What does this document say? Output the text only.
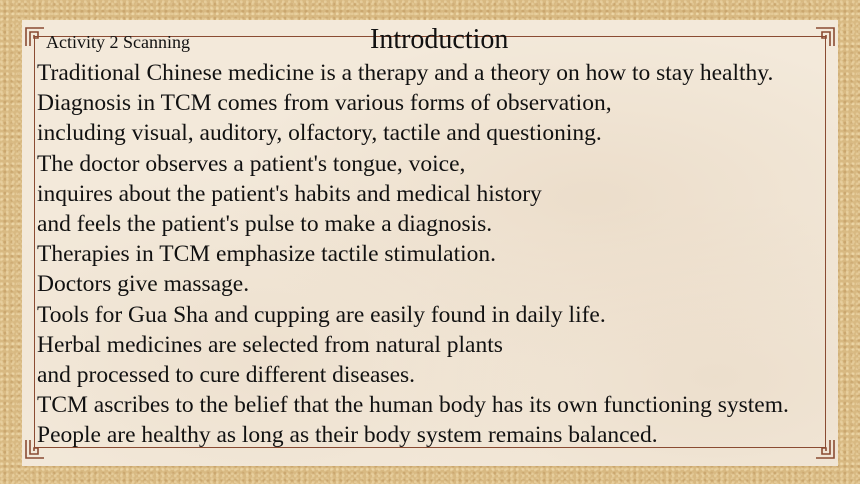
Activity 2 Scanning	Introduction
Traditional Chinese medicine is a therapy and a theory on how to stay healthy.
Diagnosis in TCM comes from various forms of observation,
including visual, auditory, olfactory, tactile and questioning.
The doctor observes a patient's tongue, voice,
inquires about the patient's habits and medical history
and feels the patient's pulse to make a diagnosis.
Therapies in TCM emphasize tactile stimulation.
Doctors give massage.
Tools for Gua Sha and cupping are easily found in daily life.
Herbal medicines are selected from natural plants
and processed to cure different diseases.
TCM ascribes to the belief that the human body has its own functioning system.
People are healthy as long as their body system remains balanced.
